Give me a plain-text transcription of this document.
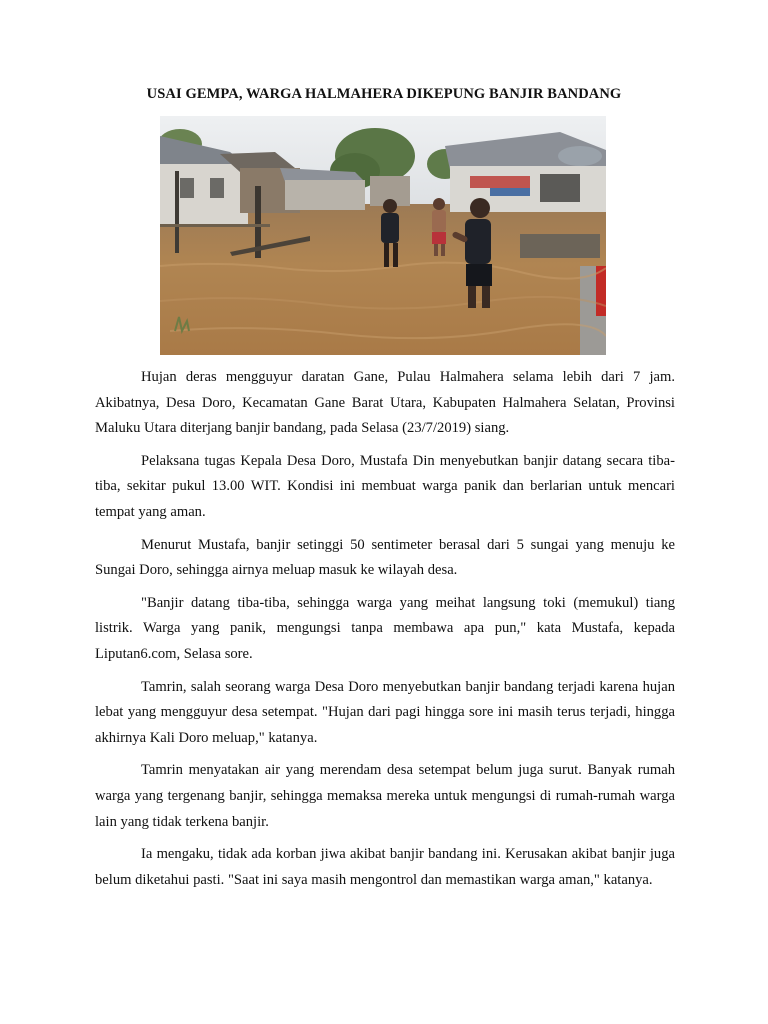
USAI GEMPA, WARGA HALMAHERA DIKEPUNG BANJIR BANDANG

Hujan deras mengguyur daratan Gane, Pulau Halmahera selama lebih dari 7 jam. Akibatnya, Desa Doro, Kecamatan Gane Barat Utara, Kabupaten Halmahera Selatan, Provinsi Maluku Utara diterjang banjir bandang, pada Selasa (23/7/2019) siang.

Pelaksana tugas Kepala Desa Doro, Mustafa Din menyebutkan banjir datang secara tiba-tiba, sekitar pukul 13.00 WIT. Kondisi ini membuat warga panik dan berlarian untuk mencari tempat yang aman.

Menurut Mustafa, banjir setinggi 50 sentimeter berasal dari 5 sungai yang menuju ke Sungai Doro, sehingga airnya meluap masuk ke wilayah desa.

"Banjir datang tiba-tiba, sehingga warga yang meihat langsung toki (memukul) tiang listrik. Warga yang panik, mengungsi tanpa membawa apa pun," kata Mustafa, kepada Liputan6.com, Selasa sore.

Tamrin, salah seorang warga Desa Doro menyebutkan banjir bandang terjadi karena hujan lebat yang mengguyur desa setempat. "Hujan dari pagi hingga sore ini masih terus terjadi, hingga akhirnya Kali Doro meluap," katanya.

Tamrin menyatakan air yang merendam desa setempat belum juga surut. Banyak rumah warga yang tergenang banjir, sehingga memaksa mereka untuk mengungsi di rumah-rumah warga lain yang tidak terkena banjir.

Ia mengaku, tidak ada korban jiwa akibat banjir bandang ini. Kerusakan akibat banjir juga belum diketahui pasti. "Saat ini saya masih mengontrol dan memastikan warga aman," katanya.
